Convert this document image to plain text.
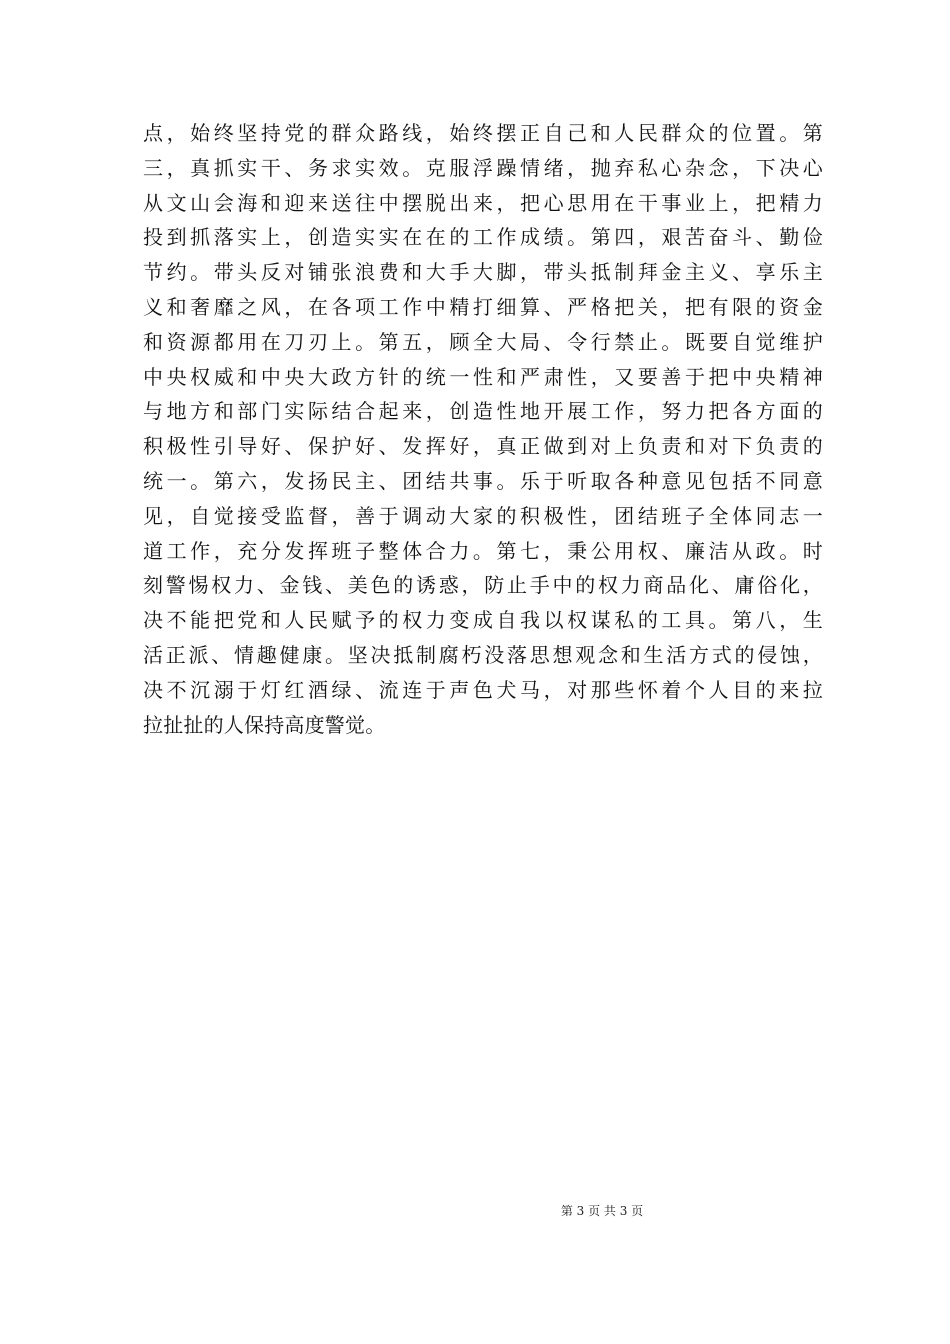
点，始终坚持党的群众路线，始终摆正自己和人民群众的位置。第
三，真抓实干、务求实效。克服浮躁情绪，抛弃私心杂念，下决心
从文山会海和迎来送往中摆脱出来，把心思用在干事业上，把精力
投到抓落实上，创造实实在在的工作成绩。第四，艰苦奋斗、勤俭
节约。带头反对铺张浪费和大手大脚，带头抵制拜金主义、享乐主
义和奢靡之风，在各项工作中精打细算、严格把关，把有限的资金
和资源都用在刀刃上。第五，顾全大局、令行禁止。既要自觉维护
中央权威和中央大政方针的统一性和严肃性，又要善于把中央精神
与地方和部门实际结合起来，创造性地开展工作，努力把各方面的
积极性引导好、保护好、发挥好，真正做到对上负责和对下负责的
统一。第六，发扬民主、团结共事。乐于听取各种意见包括不同意
见，自觉接受监督，善于调动大家的积极性，团结班子全体同志一
道工作，充分发挥班子整体合力。第七，秉公用权、廉洁从政。时
刻警惕权力、金钱、美色的诱惑，防止手中的权力商品化、庸俗化，
决不能把党和人民赋予的权力变成自我以权谋私的工具。第八，生
活正派、情趣健康。坚决抵制腐朽没落思想观念和生活方式的侵蚀，
决不沉溺于灯红酒绿、流连于声色犬马，对那些怀着个人目的来拉
拉扯扯的人保持高度警觉。
第 3 页 共 3 页
